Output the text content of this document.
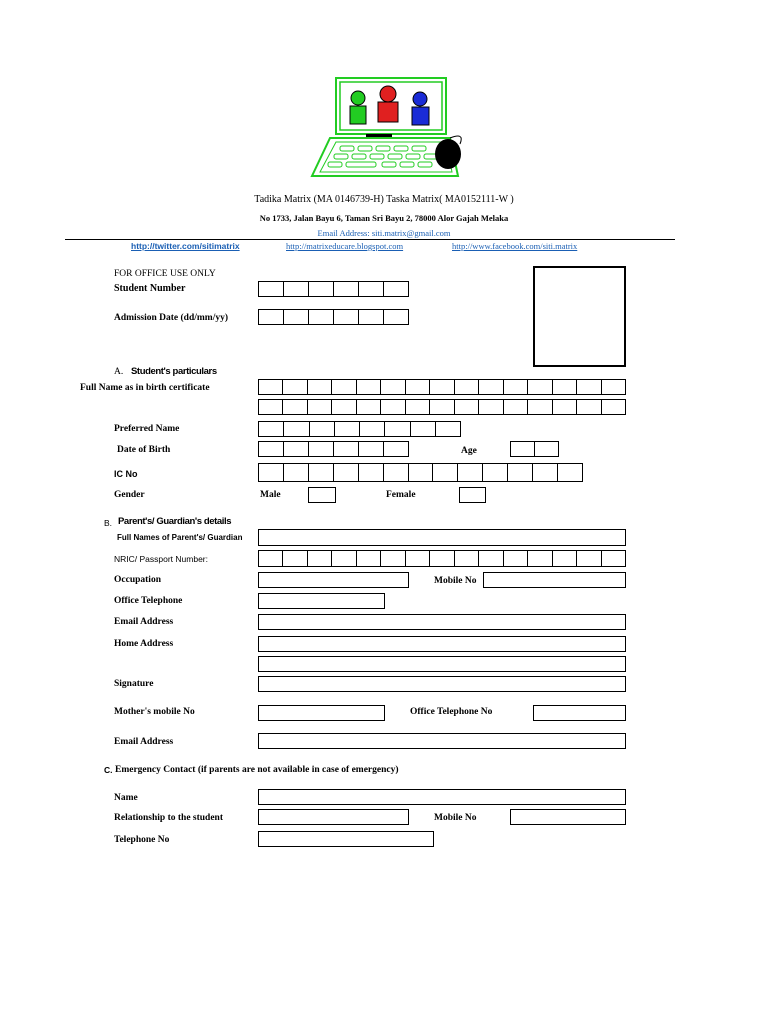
Tadika Matrix (MA 0146739-H) Taska Matrix( MA0152111-W )
No 1733, Jalan Bayu 6, Taman Sri Bayu 2, 78000 Alor Gajah Melaka
Email Address: siti.matrix@gmail.com
http://twitter.com/sitimatrix	http://matrixeducare.blogspot.com	http://www.facebook.com/siti.matrix
FOR OFFICE USE ONLY
Student Number
Admission Date (dd/mm/yy)
A. Student's particulars
Full Name as in birth certificate
Preferred Name
Date of Birth	Age
IC No
Gender	Male	Female
B. Parent's/ Guardian's details
Full Names of Parent's/ Guardian
NRIC/ Passport Number:
Occupation	Mobile No
Office Telephone
Email Address
Home Address
Signature
Mother's mobile No	Office Telephone No
Email Address
C. Emergency Contact (if parents are not available in case of emergency)
Name
Relationship to the student	Mobile No
Telephone No
